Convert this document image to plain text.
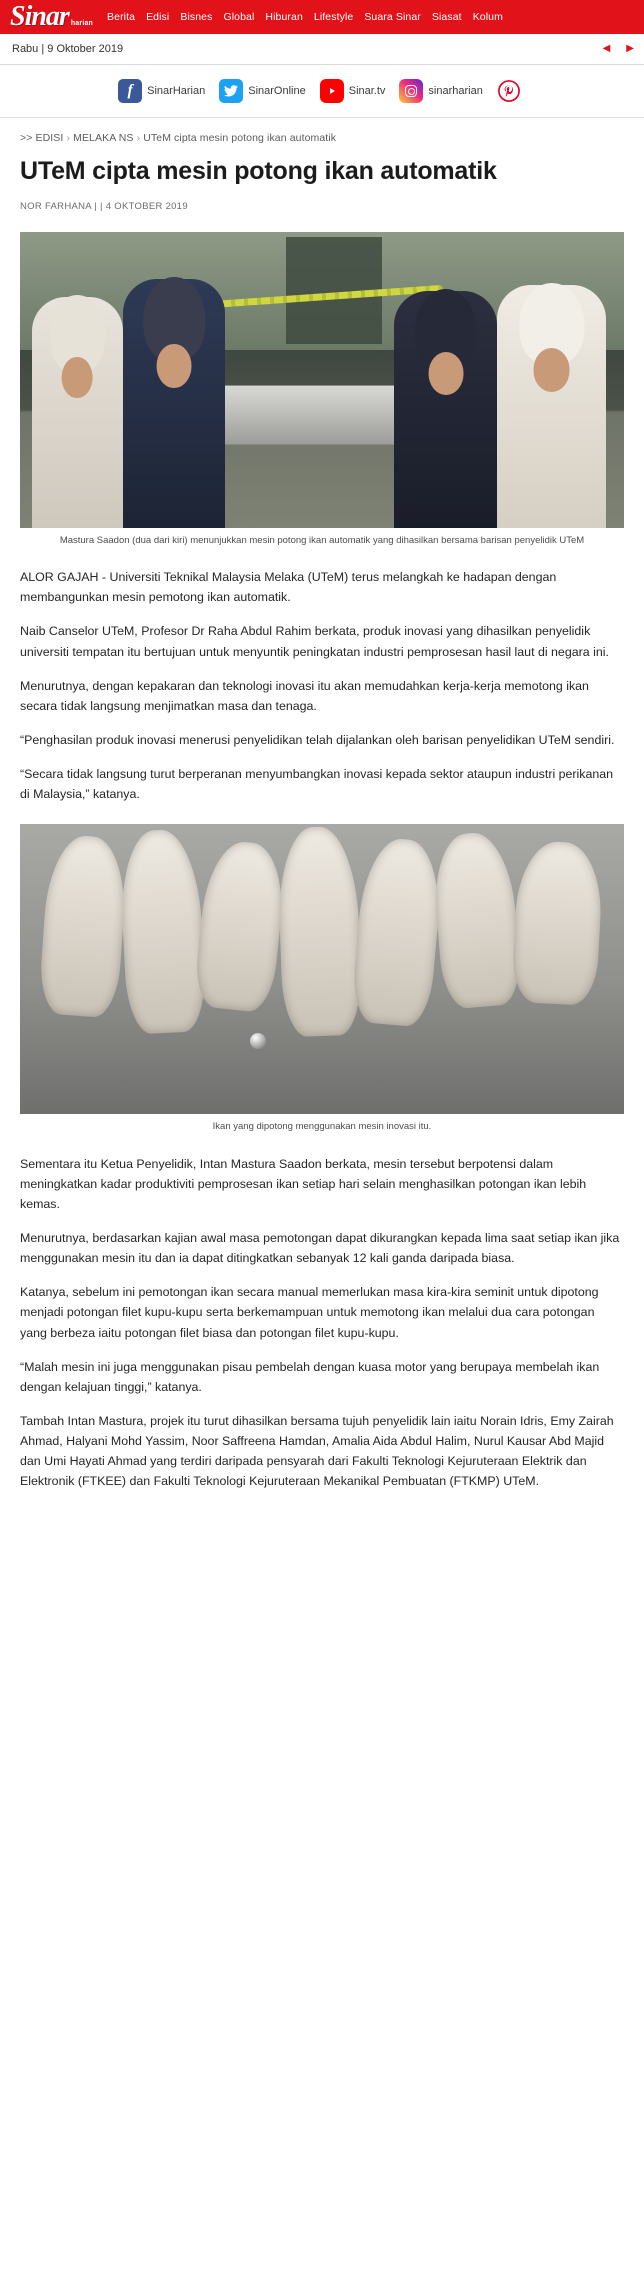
Sinar harian
Berita Edisi Bisnes Global Hiburan Lifestyle Suara Sinar Siasat Kolum
Rabu | 9 Oktober 2019	◀ ▶
f	SinarHarian	SinarOnline	Sinar.tv	sinarharian
>> EDISI › MELAKA NS › UTeM cipta mesin potong ikan automatik
UTeM cipta mesin potong ikan automatik
NOR FARHANA | | 4 OKTOBER 2019
Mastura Saadon (dua dari kiri) menunjukkan mesin potong ikan automatik yang dihasilkan bersama barisan penyelidik UTeM

ALOR GAJAH - Universiti Teknikal Malaysia Melaka (UTeM) terus melangkah ke hadapan dengan membangunkan mesin pemotong ikan automatik.

Naib Canselor UTeM, Profesor Dr Raha Abdul Rahim berkata, produk inovasi yang dihasilkan penyelidik universiti tempatan itu bertujuan untuk menyuntik peningkatan industri pemprosesan hasil laut di negara ini.

Menurutnya, dengan kepakaran dan teknologi inovasi itu akan memudahkan kerja-kerja memotong ikan secara tidak langsung menjimatkan masa dan tenaga.

“Penghasilan produk inovasi menerusi penyelidikan telah dijalankan oleh barisan penyelidikan UTeM sendiri.

“Secara tidak langsung turut berperanan menyumbangkan inovasi kepada sektor ataupun industri perikanan di Malaysia,” katanya.

Ikan yang dipotong menggunakan mesin inovasi itu.

Sementara itu Ketua Penyelidik, Intan Mastura Saadon berkata, mesin tersebut berpotensi dalam meningkatkan kadar produktiviti pemprosesan ikan setiap hari selain menghasilkan potongan ikan lebih kemas.

Menurutnya, berdasarkan kajian awal masa pemotongan dapat dikurangkan kepada lima saat setiap ikan jika menggunakan mesin itu dan ia dapat ditingkatkan sebanyak 12 kali ganda daripada biasa.

Katanya, sebelum ini pemotongan ikan secara manual memerlukan masa kira-kira seminit untuk dipotong menjadi potongan filet kupu-kupu serta berkemampuan untuk memotong ikan melalui dua cara potongan yang berbeza iaitu potongan filet biasa dan potongan filet kupu-kupu.

“Malah mesin ini juga menggunakan pisau pembelah dengan kuasa motor yang berupaya membelah ikan dengan kelajuan tinggi,” katanya.

Tambah Intan Mastura, projek itu turut dihasilkan bersama tujuh penyelidik lain iaitu Norain Idris, Emy Zairah Ahmad, Halyani Mohd Yassim, Noor Saffreena Hamdan, Amalia Aida Abdul Halim, Nurul Kausar Abd Majid dan Umi Hayati Ahmad yang terdiri daripada pensyarah dari Fakulti Teknologi Kejuruteraan Elektrik dan Elektronik (FTKEE) dan Fakulti Teknologi Kejuruteraan Mekanikal Pembuatan (FTKMP) UTeM.
